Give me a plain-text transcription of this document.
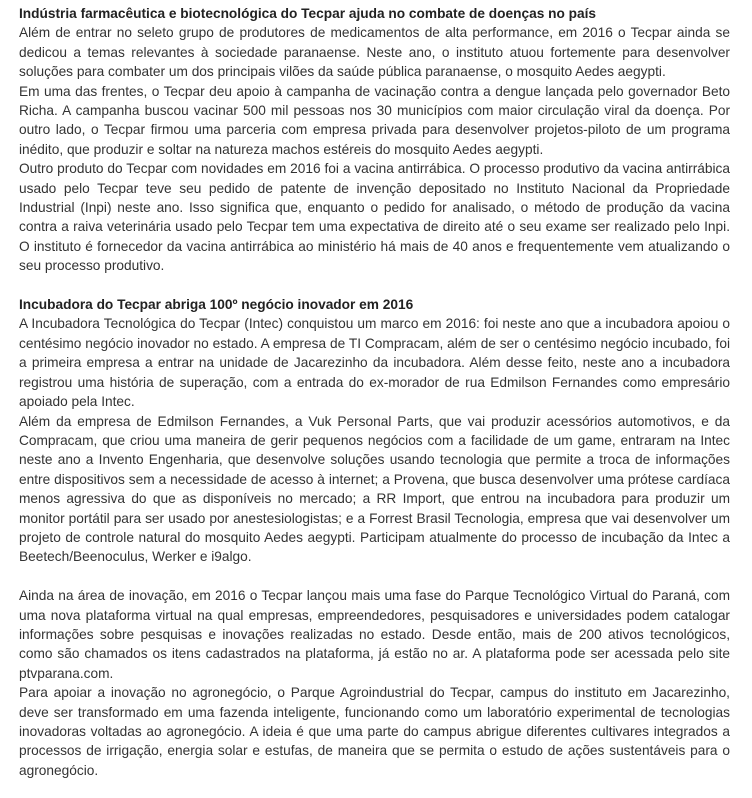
Indústria farmacêutica e biotecnológica do Tecpar ajuda no combate de doenças no país

Além de entrar no seleto grupo de produtores de medicamentos de alta performance, em 2016 o Tecpar ainda se dedicou a temas relevantes à sociedade paranaense. Neste ano, o instituto atuou fortemente para desenvolver soluções para combater um dos principais vilões da saúde pública paranaense, o mosquito Aedes aegypti.

Em uma das frentes, o Tecpar deu apoio à campanha de vacinação contra a dengue lançada pelo governador Beto Richa. A campanha buscou vacinar 500 mil pessoas nos 30 municípios com maior circulação viral da doença. Por outro lado, o Tecpar firmou uma parceria com empresa privada para desenvolver projetos-piloto de um programa inédito, que produzir e soltar na natureza machos estéreis do mosquito Aedes aegypti.

Outro produto do Tecpar com novidades em 2016 foi a vacina antirrábica. O processo produtivo da vacina antirrábica usado pelo Tecpar teve seu pedido de patente de invenção depositado no Instituto Nacional da Propriedade Industrial (Inpi) neste ano. Isso significa que, enquanto o pedido for analisado, o método de produção da vacina contra a raiva veterinária usado pelo Tecpar tem uma expectativa de direito até o seu exame ser realizado pelo Inpi. O instituto é fornecedor da vacina antirrábica ao ministério há mais de 40 anos e frequentemente vem atualizando o seu processo produtivo.

Incubadora do Tecpar abriga 100º negócio inovador em 2016

A Incubadora Tecnológica do Tecpar (Intec) conquistou um marco em 2016: foi neste ano que a incubadora apoiou o centésimo negócio inovador no estado. A empresa de TI Compracam, além de ser o centésimo negócio incubado, foi a primeira empresa a entrar na unidade de Jacarezinho da incubadora. Além desse feito, neste ano a incubadora registrou uma história de superação, com a entrada do ex-morador de rua Edmilson Fernandes como empresário apoiado pela Intec.

Além da empresa de Edmilson Fernandes, a Vuk Personal Parts, que vai produzir acessórios automotivos, e da Compracam, que criou uma maneira de gerir pequenos negócios com a facilidade de um game, entraram na Intec neste ano a Invento Engenharia, que desenvolve soluções usando tecnologia que permite a troca de informações entre dispositivos sem a necessidade de acesso à internet; a Provena, que busca desenvolver uma prótese cardíaca menos agressiva do que as disponíveis no mercado; a RR Import, que entrou na incubadora para produzir um monitor portátil para ser usado por anestesiologistas; e a Forrest Brasil Tecnologia, empresa que vai desenvolver um projeto de controle natural do mosquito Aedes aegypti. Participam atualmente do processo de incubação da Intec a Beetech/Beenoculus, Werker e i9algo.

Ainda na área de inovação, em 2016 o Tecpar lançou mais uma fase do Parque Tecnológico Virtual do Paraná, com uma nova plataforma virtual na qual empresas, empreendedores, pesquisadores e universidades podem catalogar informações sobre pesquisas e inovações realizadas no estado. Desde então, mais de 200 ativos tecnológicos, como são chamados os itens cadastrados na plataforma, já estão no ar. A plataforma pode ser acessada pelo site ptvparana.com.

Para apoiar a inovação no agronegócio, o Parque Agroindustrial do Tecpar, campus do instituto em Jacarezinho, deve ser transformado em uma fazenda inteligente, funcionando como um laboratório experimental de tecnologias inovadoras voltadas ao agronegócio. A ideia é que uma parte do campus abrigue diferentes cultivares integrados a processos de irrigação, energia solar e estufas, de maneira que se permita o estudo de ações sustentáveis para o agronegócio.
